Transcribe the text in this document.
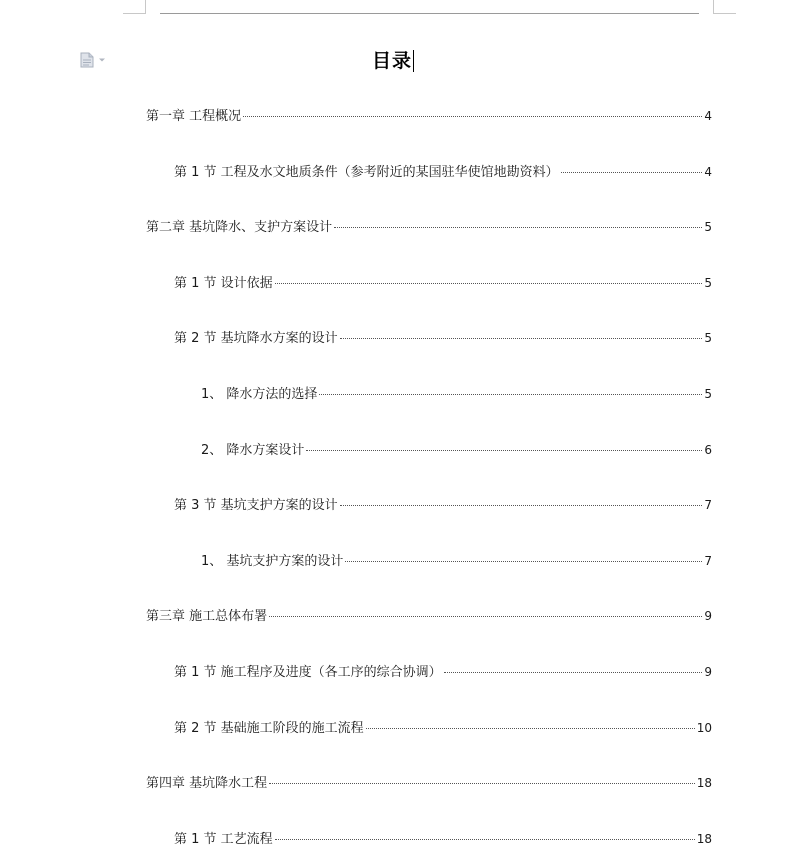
目录
第一章 工程概况	4
第 1 节 工程及水文地质条件（参考附近的某国驻华使馆地勘资料）	4
第二章 基坑降水、支护方案设计	5
第 1 节 设计依据	5
第 2 节 基坑降水方案的设计	5
1、 降水方法的选择	5
2、 降水方案设计	6
第 3 节 基坑支护方案的设计	7
1、 基坑支护方案的设计	7
第三章 施工总体布署	9
第 1 节 施工程序及进度（各工序的综合协调）	9
第 2 节 基础施工阶段的施工流程	10
第四章 基坑降水工程	18
第 1 节 工艺流程	18
